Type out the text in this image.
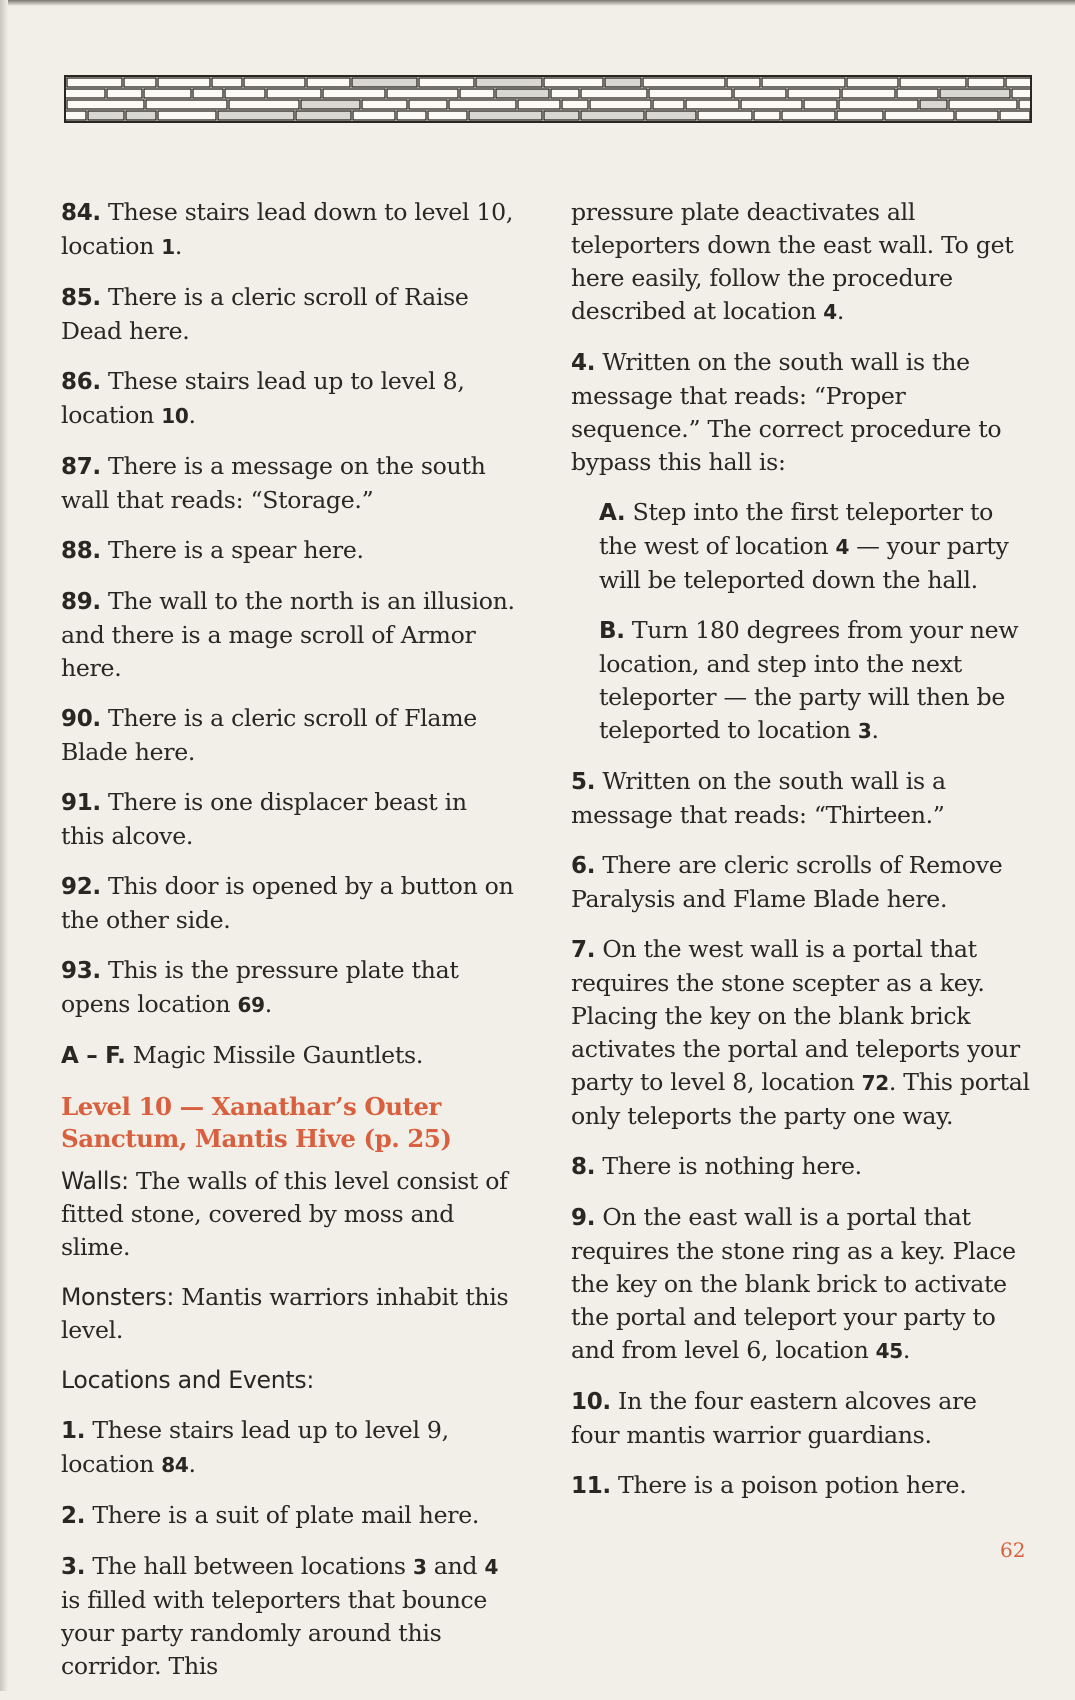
84. These stairs lead down to level 10, location 1.

85. There is a cleric scroll of Raise Dead here.

86. These stairs lead up to level 8, location 10.

87. There is a message on the south wall that reads: “Storage.”

88. There is a spear here.

89. The wall to the north is an illusion. and there is a mage scroll of Armor here.

90. There is a cleric scroll of Flame Blade here.

91. There is one displacer beast in this alcove.

92. This door is opened by a button on the other side.

93. This is the pressure plate that opens location 69.

A – F. Magic Missile Gauntlets.

Level 10 — Xanathar’s Outer
Sanctum, Mantis Hive (p. 25)

Walls: The walls of this level consist of fitted stone, covered by moss and slime.

Monsters: Mantis warriors inhabit this level.

Locations and Events:

1. These stairs lead up to level 9, location 84.

2. There is a suit of plate mail here.

3. The hall between locations 3 and 4 is filled with teleporters that bounce your party randomly around this corridor. This

pressure plate deactivates all teleporters down the east wall. To get here easily, follow the procedure described at location 4.

4. Written on the south wall is the message that reads: “Proper sequence.” The correct procedure to bypass this hall is:

A. Step into the first teleporter to the west of location 4 — your party will be teleported down the hall.

B. Turn 180 degrees from your new location, and step into the next teleporter — the party will then be teleported to location 3.

5. Written on the south wall is a message that reads: “Thirteen.”

6. There are cleric scrolls of Remove Paralysis and Flame Blade here.

7. On the west wall is a portal that requires the stone scepter as a key. Placing the key on the blank brick activates the portal and teleports your party to level 8, location 72. This portal only teleports the party one way.

8. There is nothing here.

9. On the east wall is a portal that requires the stone ring as a key. Place the key on the blank brick to activate the portal and teleport your party to and from level 6, location 45.

10. In the four eastern alcoves are four mantis warrior guardians.

11. There is a poison potion here.

62
